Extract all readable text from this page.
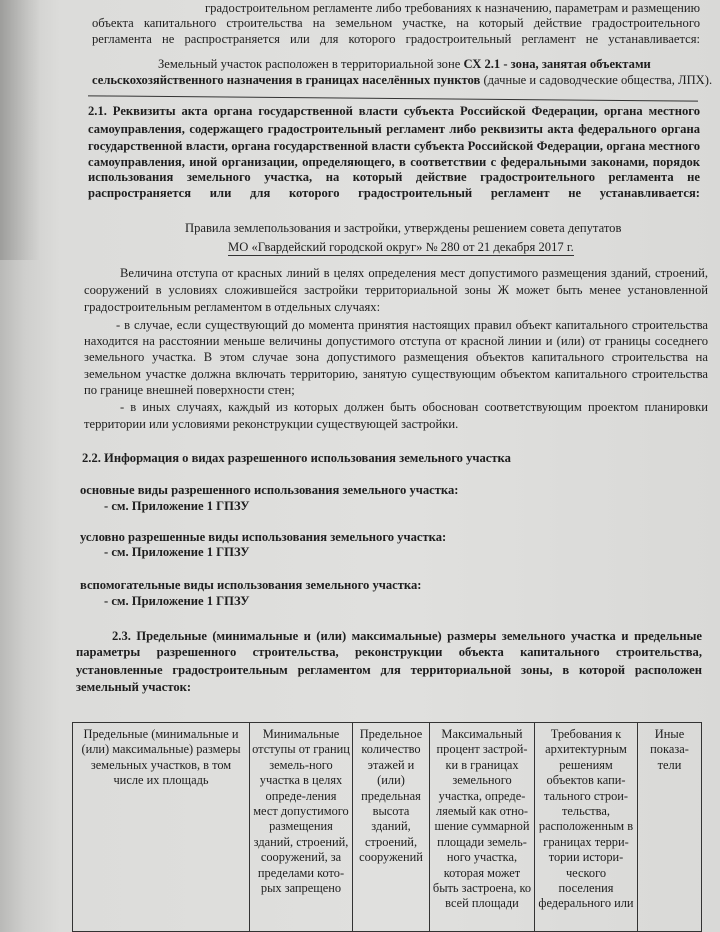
градостроительном регламенте либо требованиях к назначению, параметрам и размещению
объекта капитального строительства на земельном участке, на который действие градостроительного
регламента не распространяется или для которого градостроительный регламент не устанавливается:
Земельный участок расположен в территориальной зоне СХ 2.1 - зона, занятая объектами
сельскохозяйственного назначения в границах населённых пунктов (дачные и садоводческие общества, ЛПХ).
2.1. Реквизиты акта органа государственной власти субъекта Российской Федерации, органа местного
самоуправления, содержащего градостроительный регламент либо реквизиты акта федерального органа
государственной власти, органа государственной власти субъекта Российской Федерации, органа местного
самоуправления, иной организации, определяющего, в соответствии с федеральными законами, порядок
использования земельного участка, на который действие градостроительного регламента не
распространяется или для которого градостроительный регламент не устанавливается:
Правила землепользования и застройки, утверждены решением совета депутатов
МО «Гвардейский городской округ» № 280 от 21 декабря 2017 г.
Величина отступа от красных линий в целях определения мест допустимого размещения зданий, строений,
сооружений в условиях сложившейся застройки территориальной зоны Ж может быть менее установленной
градостроительным регламентом в отдельных случаях:
- в случае, если существующий до момента принятия настоящих правил объект капитального строительства
находится на расстоянии меньше величины допустимого отступа от красной линии и (или) от границы соседнего
земельного участка. В этом случае зона допустимого размещения объектов капитального строительства на
земельном участке должна включать территорию, занятую существующим объектом капитального строительства
по границе внешней поверхности стен;
- в иных случаях, каждый из которых должен быть обоснован соответствующим проектом планировки
территории или условиями реконструкции существующей застройки.
2.2. Информация о видах разрешенного использования земельного участка
основные виды разрешенного использования земельного участка:
- см. Приложение 1 ГПЗУ
условно разрешенные виды использования земельного участка:
- см. Приложение 1 ГПЗУ
вспомогательные виды использования земельного участка:
- см. Приложение 1 ГПЗУ
2.3. Предельные (минимальные и (или) максимальные) размеры земельного участка и предельные
параметры разрешенного строительства, реконструкции объекта капитального строительства,
установленные градостроительным регламентом для территориальной зоны, в которой расположен
земельный участок:
Предельные (минимальные и (или) максимальные) размеры земельных участков, в том числе их площадь	Минимальные отступы от границ земель-ного участка в целях опреде-ления мест допустимого размещения зданий, строений, сооружений, за пределами кото-рых запрещено	Предельное количество этажей и (или) предельная высота зданий, строений, сооружений	Максимальный процент застрой-ки в границах земельного участка, опреде-ляемый как отно-шение суммарной площади земель-ного участка, которая может быть застроена, ко всей площади	Требования к архитектурным решениям объектов капи-тального строи-тельства, расположенным в границах терри-тории истори-ческого поселения федерального или	Иные показа-тели
